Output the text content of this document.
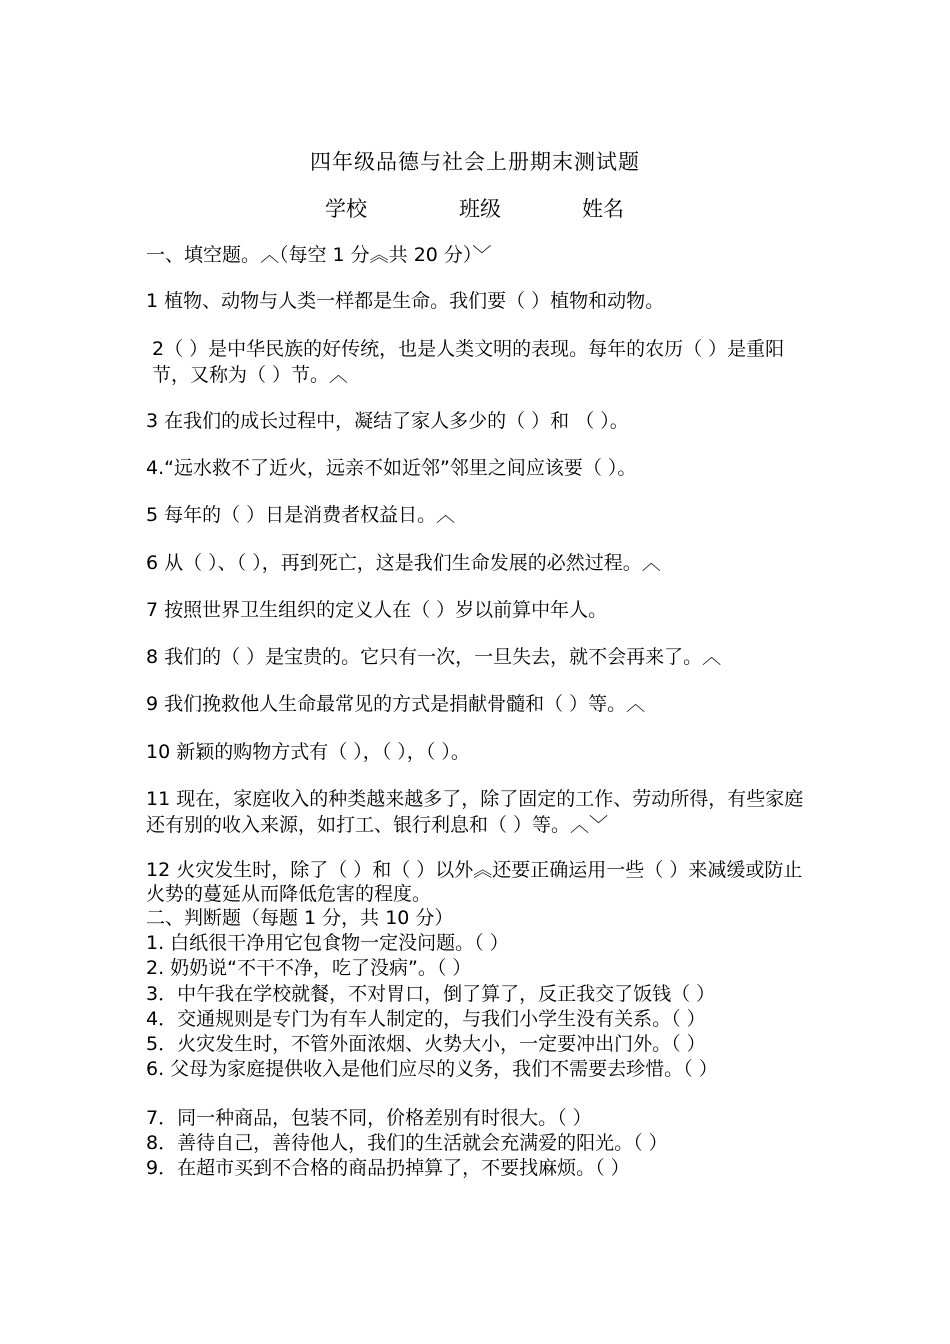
四年级品德与社会上册期末测试题
学校	班级	姓名
一、填空题。︿（每空 1 分︽共 20 分）﹀
1 植物、动物与人类一样都是生命。我们要（ ）植物和动物。
2（ ）是中华民族的好传统，也是人类文明的表现。每年的农历（ ）是重阳节，又称为（ ）节。︿
3 在我们的成长过程中，凝结了家人多少的（ ）和 （ ）。
4.“远水救不了近火，远亲不如近邻”邻里之间应该要（ ）。
5 每年的（ ）日是消费者权益日。︿
6 从（ ）、（ ），再到死亡，这是我们生命发展的必然过程。︿
7 按照世界卫生组织的定义人在（ ）岁以前算中年人。
8 我们的（ ）是宝贵的。它只有一次，一旦失去，就不会再来了。︿
9 我们挽救他人生命最常见的方式是捐献骨髓和（ ）等。︿
10 新颖的购物方式有（ ），（ ），（ ）。
11 现在，家庭收入的种类越来越多了，除了固定的工作、劳动所得，有些家庭还有别的收入来源，如打工、银行利息和（ ）等。︿﹀
12 火灾发生时，除了（ ）和（ ）以外︽还要正确运用一些（ ）来减缓或防止火势的蔓延从而降低危害的程度。
二、判断题（每题 1 分，共 10 分）
1. 白纸很干净用它包食物一定没问题。（ ）
2. 奶奶说“不干不净，吃了没病”。（ ）
3．中午我在学校就餐，不对胃口，倒了算了，反正我交了饭钱（ ）
4．交通规则是专门为有车人制定的，与我们小学生没有关系。（ ）
5．火灾发生时，不管外面浓烟、火势大小，一定要冲出门外。（ ）
6. 父母为家庭提供收入是他们应尽的义务，我们不需要去珍惜。（ ）
7．同一种商品，包装不同，价格差别有时很大。（ ）
8．善待自己，善待他人，我们的生活就会充满爱的阳光。（ ）
9．在超市买到不合格的商品扔掉算了，不要找麻烦。（ ）
